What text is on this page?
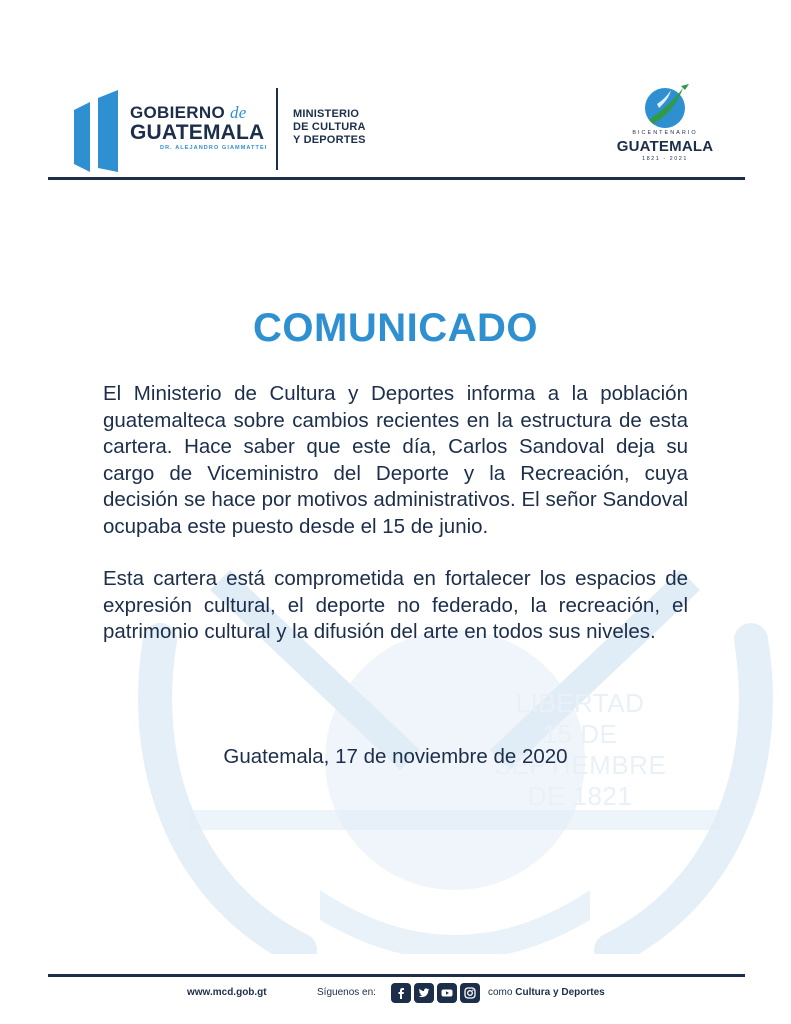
LIBERTAD
15 DE
SEPTIEMBRE
DE 1821
GOBIERNO de
GUATEMALA
DR. ALEJANDRO GIAMMATTEI
MINISTERIO
DE CULTURA
Y DEPORTES
BICENTENARIO
GUATEMALA
1821 - 2021
COMUNICADO

El Ministerio de Cultura y Deportes informa a la población guatemalteca sobre cambios recientes en la estructura de esta cartera. Hace saber que este día, Carlos Sandoval deja su cargo de Viceministro del Deporte y la Recreación, cuya decisión se hace por motivos administrativos. El señor Sandoval ocupaba este puesto desde el 15 de junio.

Esta cartera está comprometida en fortalecer los espacios de expresión cultural, el deporte no federado, la recreación, el patrimonio cultural y la difusión del arte en todos sus niveles.

Guatemala, 17 de noviembre de 2020
www.mcd.gob.gt	Síguenos en:	como Cultura y Deportes
